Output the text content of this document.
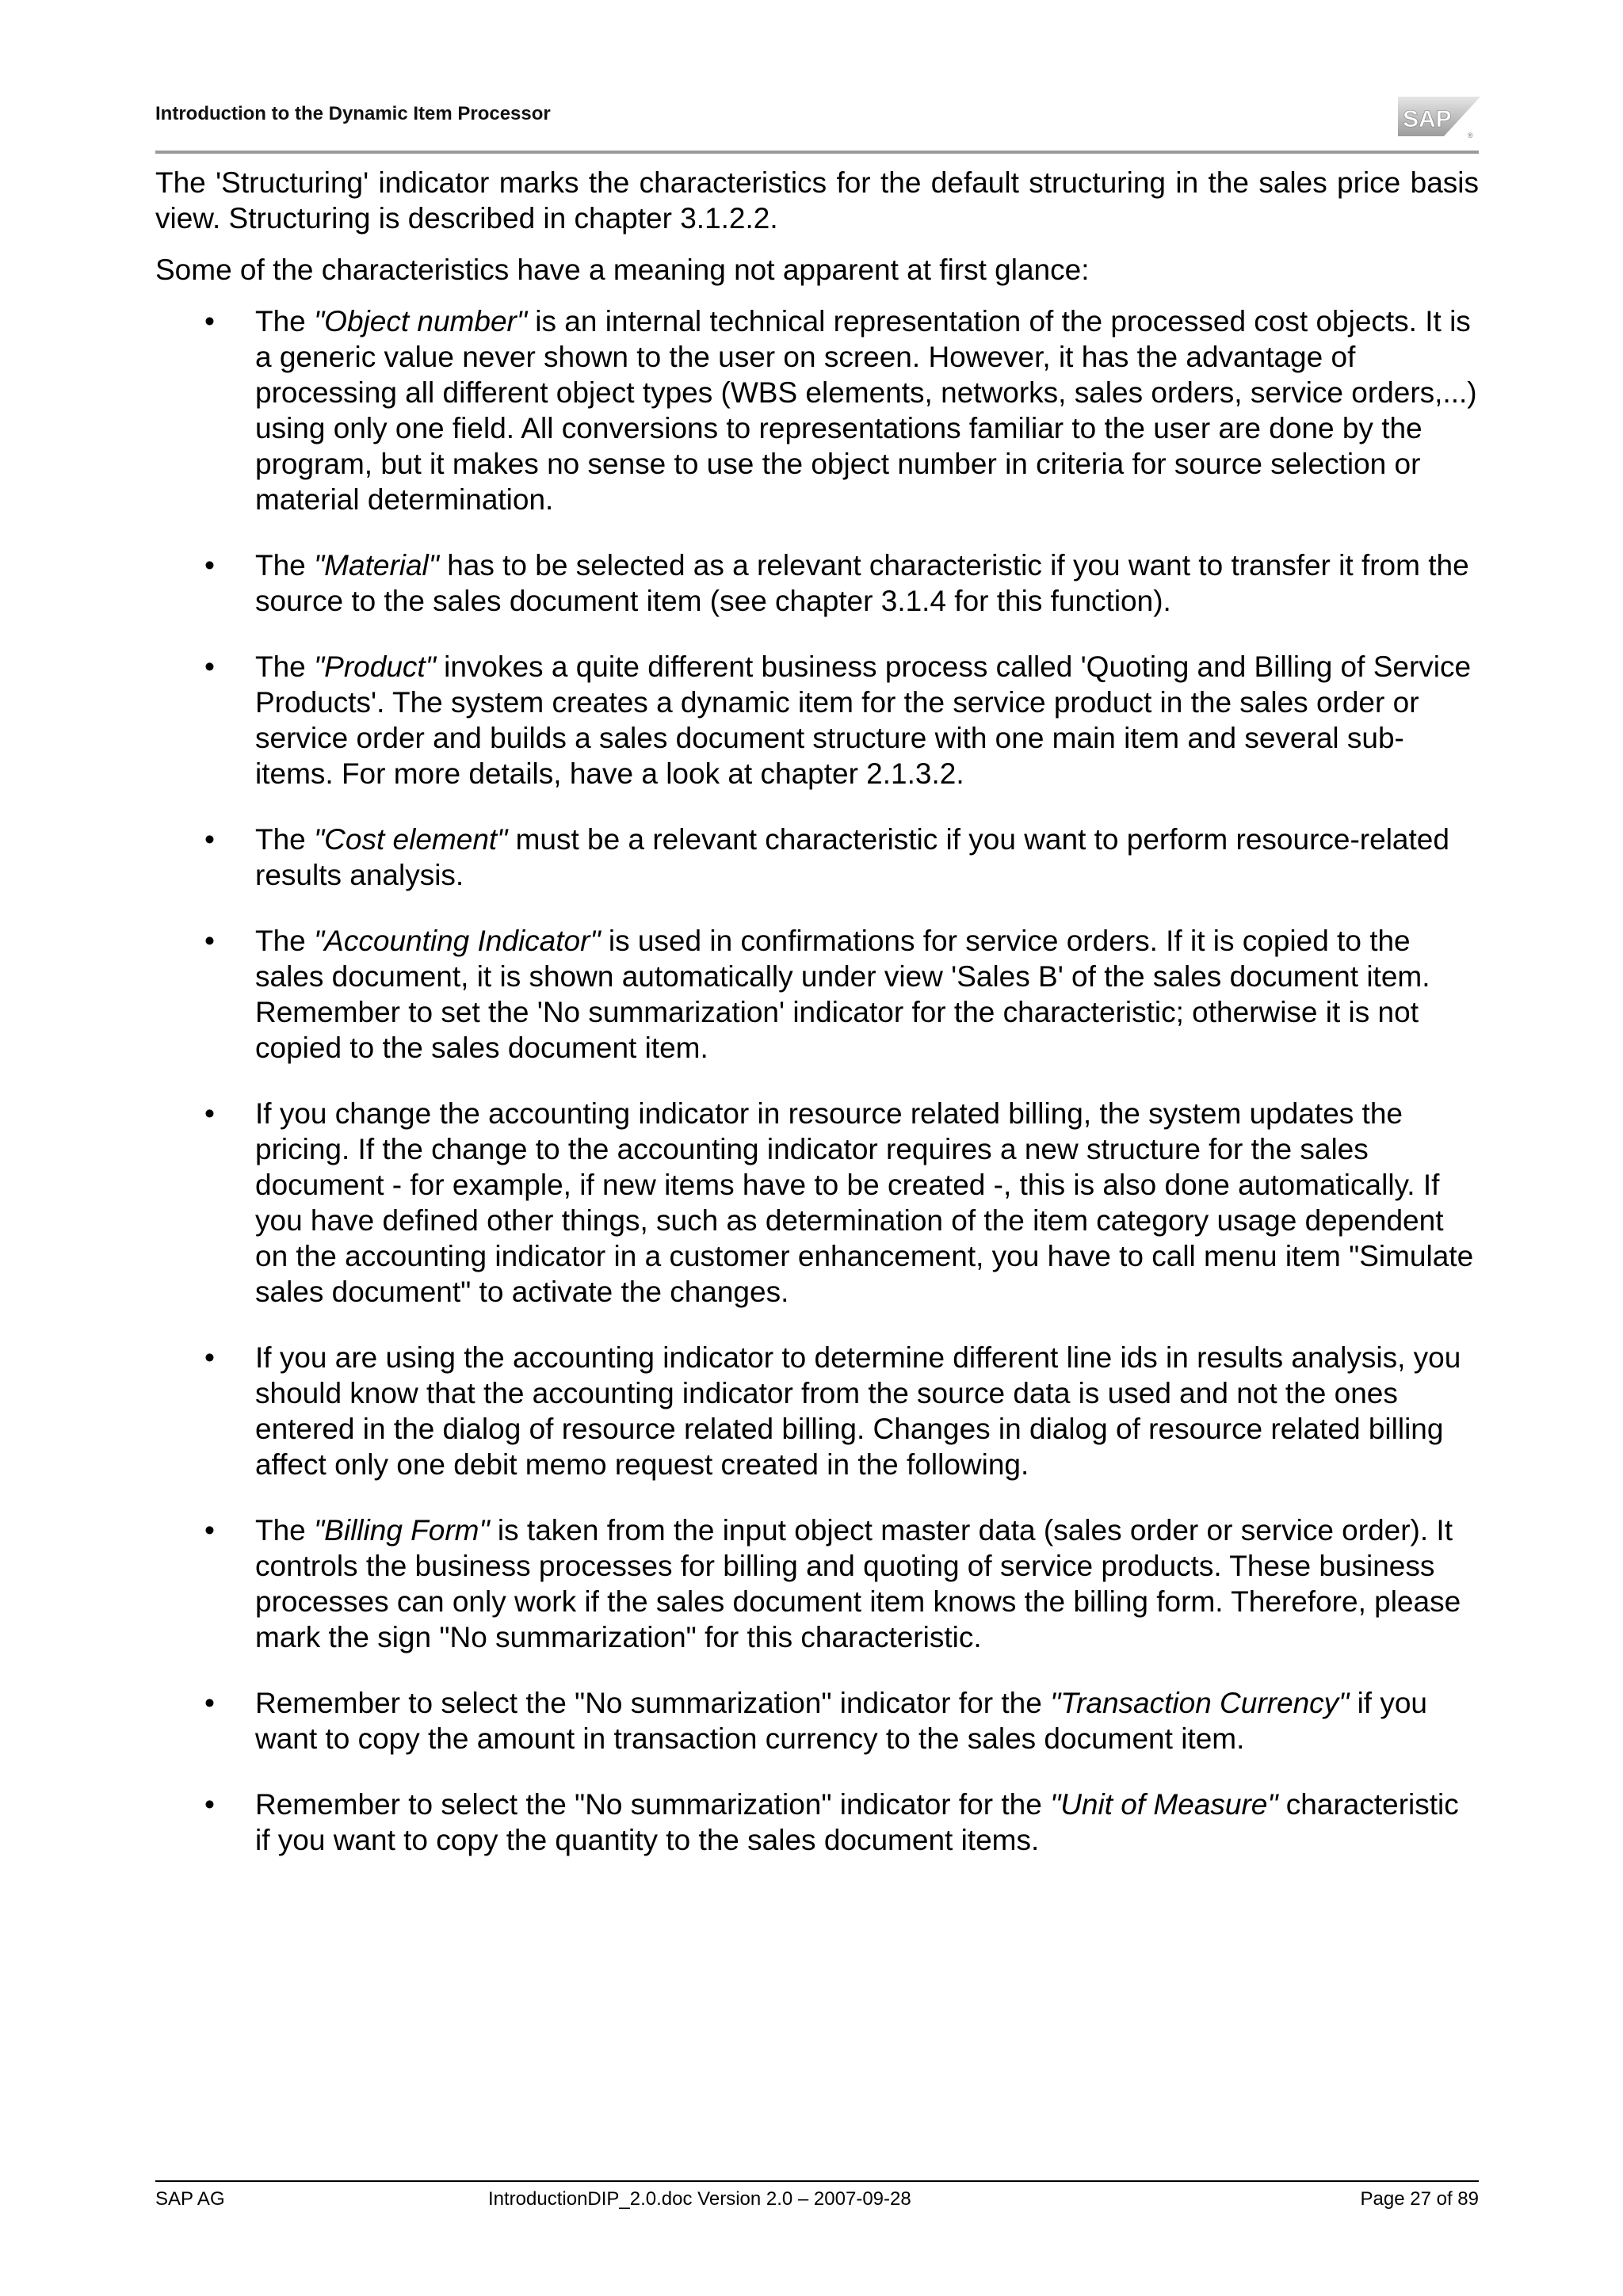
Introduction to the Dynamic Item Processor	SAP
®

The 'Structuring' indicator marks the characteristics for the default structuring in the sales price basis view. Structuring is described in chapter 3.1.2.2.

Some of the characteristics have a meaning not apparent at first glance:

• The "Object number" is an internal technical representation of the processed cost objects. It is a generic value never shown to the user on screen. However, it has the advantage of processing all different object types (WBS elements, networks, sales orders, service orders,...) using only one field. All conversions to representations familiar to the user are done by the program, but it makes no sense to use the object number in criteria for source selection or material determination.
• The "Material" has to be selected as a relevant characteristic if you want to transfer it from the source to the sales document item (see chapter 3.1.4 for this function).
• The "Product" invokes a quite different business process called 'Quoting and Billing of Service Products'. The system creates a dynamic item for the service product in the sales order or service order and builds a sales document structure with one main item and several sub-items. For more details, have a look at chapter 2.1.3.2.
• The "Cost element" must be a relevant characteristic if you want to perform resource-related results analysis.
• The "Accounting Indicator" is used in confirmations for service orders. If it is copied to the sales document, it is shown automatically under view 'Sales B' of the sales document item. Remember to set the 'No summarization' indicator for the characteristic; otherwise it is not copied to the sales document item.
• If you change the accounting indicator in resource related billing, the system updates the pricing. If the change to the accounting indicator requires a new structure for the sales document - for example, if new items have to be created -, this is also done automatically. If you have defined other things, such as determination of the item category usage dependent on the accounting indicator in a customer enhancement, you have to call menu item "Simulate sales document" to activate the changes.
• If you are using the accounting indicator to determine different line ids in results analysis, you should know that the accounting indicator from the source data is used and not the ones entered in the dialog of resource related billing. Changes in dialog of resource related billing affect only one debit memo request created in the following.
• The "Billing Form" is taken from the input object master data (sales order or service order). It controls the business processes for billing and quoting of service products. These business processes can only work if the sales document item knows the billing form. Therefore, please mark the sign "No summarization" for this characteristic.
• Remember to select the "No summarization" indicator for the "Transaction Currency" if you want to copy the amount in transaction currency to the sales document item.
• Remember to select the "No summarization" indicator for the "Unit of Measure" characteristic if you want to copy the quantity to the sales document items.
SAP AG	IntroductionDIP_2.0.doc Version 2.0 – 2007-09-28	Page 27 of 89
